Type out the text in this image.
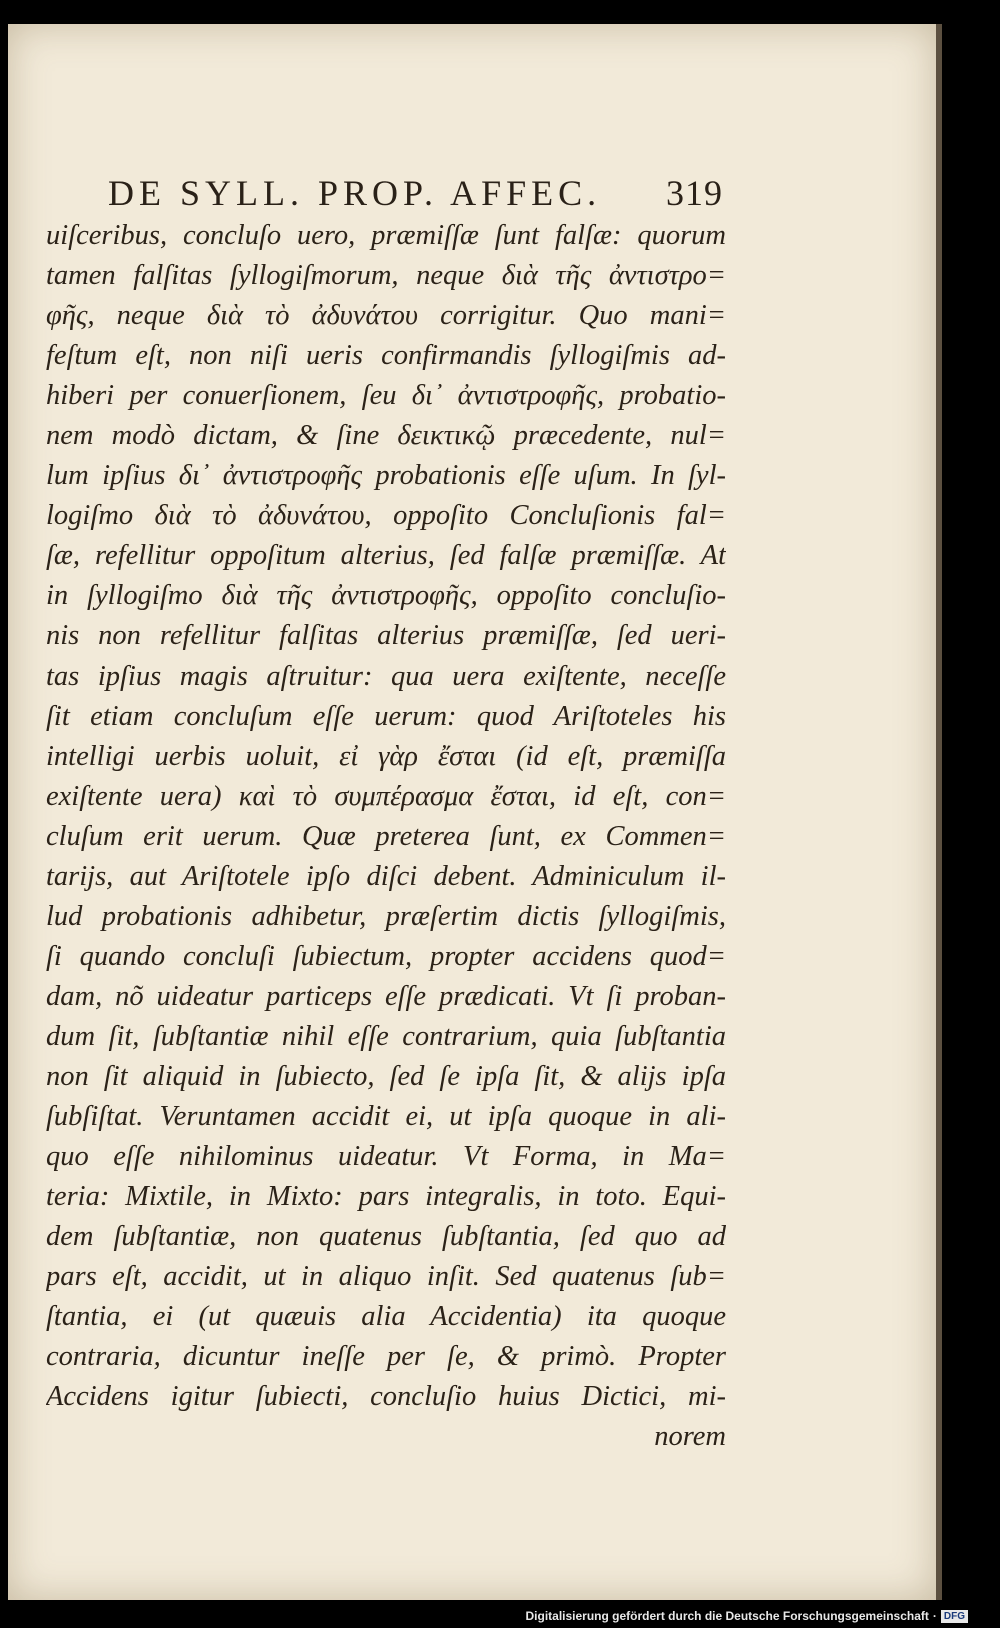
DE SYLL. PROP. AFFEC. 319
uiſceribus, concluſo uero, præmiſſæ ſunt falſæ: quorum
tamen falſitas ſyllogiſmorum, neque διὰ τῆς ἀντιστρο=
φῆς, neque διὰ τὸ ἀδυνάτου corrigitur. Quo mani=
feſtum eſt, non niſi ueris confirmandis ſyllogiſmis ad-
hiberi per conuerſionem, ſeu δι᾽ ἀντιστροφῆς, probatio-
nem modò dictam, & ſine δεικτικῷ præcedente, nul=
lum ipſius δι᾽ ἀντιστροφῆς probationis eſſe uſum. In ſyl-
logiſmo διὰ τὸ ἀδυνάτου, oppoſito Concluſionis fal=
ſæ, refellitur oppoſitum alterius, ſed falſæ præmiſſæ. At
in ſyllogiſmo διὰ τῆς ἀντιστροφῆς, oppoſito concluſio-
nis non refellitur falſitas alterius præmiſſæ, ſed ueri-
tas ipſius magis aſtruitur: qua uera exiſtente, neceſſe
ſit etiam concluſum eſſe uerum: quod Ariſtoteles his
intelligi uerbis uoluit, εἰ γὰρ ἔσται (id eſt, præmiſſa
exiſtente uera) καὶ τὸ συμπέρασμα ἔσται, id eſt, con=
cluſum erit uerum. Quæ preterea ſunt, ex Commen=
tarijs, aut Ariſtotele ipſo diſci debent. Adminiculum il-
lud probationis adhibetur, præſertim dictis ſyllogiſmis,
ſi quando concluſi ſubiectum, propter accidens quod=
dam, nõ uideatur particeps eſſe prædicati. Vt ſi proban-
dum ſit, ſubſtantiæ nihil eſſe contrarium, quia ſubſtantia
non ſit aliquid in ſubiecto, ſed ſe ipſa ſit, & alijs ipſa
ſubſiſtat. Veruntamen accidit ei, ut ipſa quoque in ali-
quo eſſe nihilominus uideatur. Vt Forma, in Ma=
teria: Mixtile, in Mixto: pars integralis, in toto. Equi-
dem ſubſtantiæ, non quatenus ſubſtantia, ſed quo ad
pars eſt, accidit, ut in aliquo inſit. Sed quatenus ſub=
ſtantia, ei (ut quæuis alia Accidentia) ita quoque
contraria, dicuntur ineſſe per ſe, & primò. Propter
Accidens igitur ſubiecti, concluſio huius Dictici, mi-
norem
Digitalisierung gefördert durch die Deutsche Forschungsgemeinschaft · DFG
